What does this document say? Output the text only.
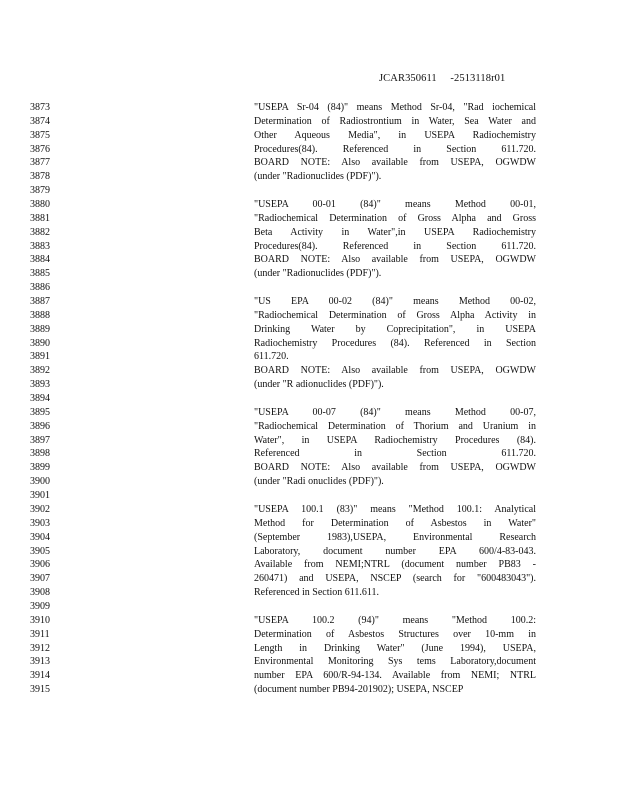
JCAR350611     -2513118r01
3873
3874
3875
3876
3877
3878
3879
3880
3881
3882
3883
3884
3885
3886
3887
3888
3889
3890
3891
3892
3893
3894
3895
3896
3897
3898
3899
3900
3901
3902
3903
3904
3905
3906
3907
3908
3909
3910
3911
3912
3913
3914
3915
"USEPA Sr-04 (84)" means Method Sr-04, "Rad iochemical
Determination of Radiostrontium in Water, Sea Water and
Other Aqueous Media", in USEPA Radiochemistry
Procedures(84). Referenced in Section 611.720.
BOARD NOTE: Also available from USEPA, OGWDW
(under "Radionuclides (PDF)").
"USEPA 00-01 (84)" means Method 00-01,
"Radiochemical Determination of Gross Alpha and Gross
Beta Activity in Water",in USEPA Radiochemistry
Procedures(84). Referenced in Section 611.720.
BOARD NOTE: Also available from USEPA, OGWDW
(under "Radionuclides (PDF)").
"US EPA 00-02 (84)" means Method 00-02,
"Radiochemical Determination of Gross Alpha Activity in
Drinking Water by Coprecipitation", in USEPA
Radiochemistry Procedures (84). Referenced in Section
611.720.
BOARD NOTE: Also available from USEPA, OGWDW
(under "R adionuclides (PDF)").
"USEPA 00-07 (84)" means Method 00-07,
"Radiochemical Determination of Thorium and Uranium in
Water", in USEPA Radiochemistry Procedures (84).
Referenced in Section 611.720.
BOARD NOTE: Also available from USEPA, OGWDW
(under "Radi onuclides (PDF)").
"USEPA 100.1 (83)" means "Method 100.1: Analytical
Method for Determination of Asbestos in Water"
(September 1983),USEPA, Environmental Research
Laboratory, document number EPA 600/4-83-043.
Available from NEMI;NTRL (document number PB83 -
260471) and USEPA, NSCEP (search for "600483043").
Referenced in Section 611.611.
"USEPA 100.2 (94)" means "Method 100.2:
Determination of Asbestos Structures over 10-mm in
Length in Drinking Water" (June 1994), USEPA,
Environmental Monitoring Sys tems Laboratory,document
number EPA 600/R-94-134. Available from NEMI; NTRL
(document number PB94-201902); USEPA, NSCEP
